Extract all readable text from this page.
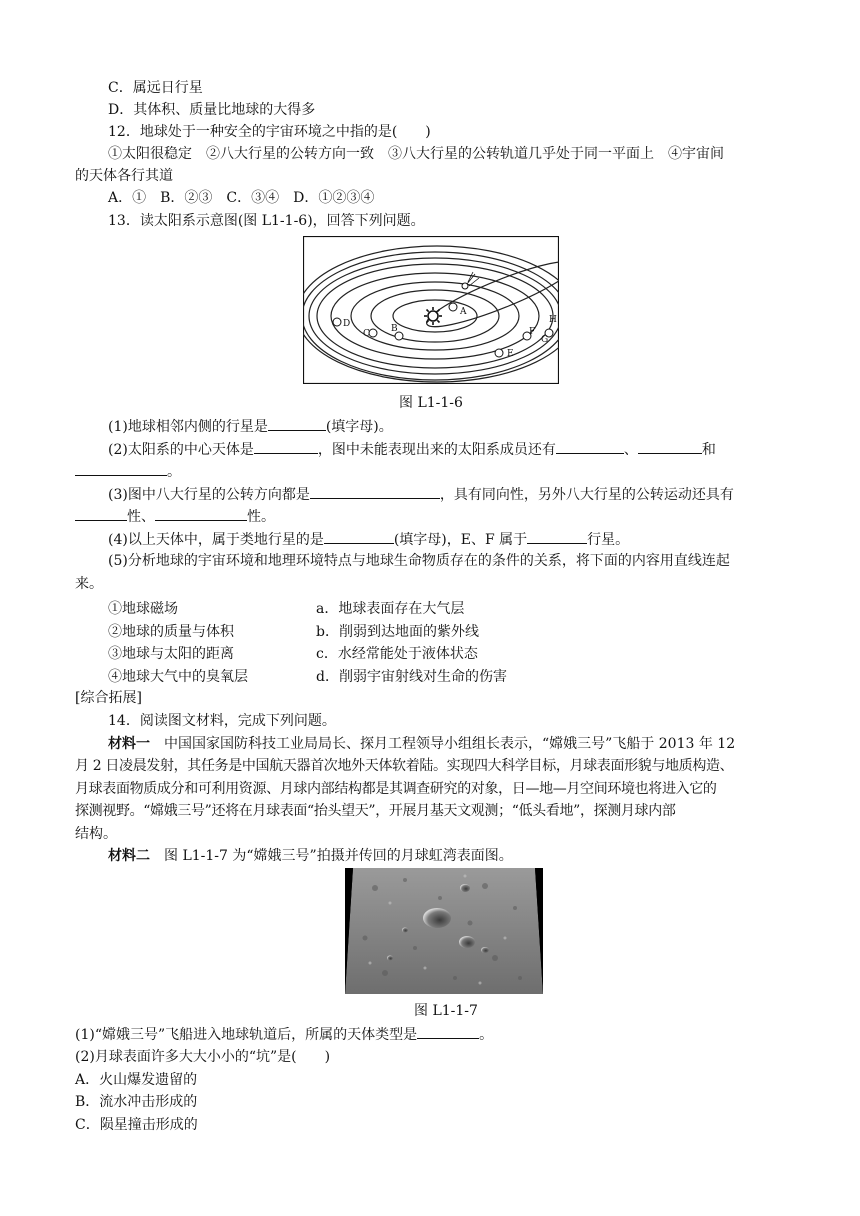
C．属远日行星
D．其体积、质量比地球的大得多
12．地球处于一种安全的宇宙环境之中指的是(　　)
①太阳很稳定　②八大行星的公转方向一致　③八大行星的公转轨道几乎处于同一平面上　④宇宙间
的天体各行其道
A．①　B．②③　C．③④　D．①②③④
13．读太阳系示意图(图 L1-1-6)，回答下列问题。
A
B
C
D
E
F
G
H
图 L1-1-6
(1)地球相邻内侧的行星是	(填字母)。
(2)太阳系的中心天体是	，图中未能表现出来的太阳系成员还有	、	和
。
(3)图中八大行星的公转方向都是	，具有同向性，另外八大行星的公转运动还具有
性、	性。
(4)以上天体中，属于类地行星的是	(填字母)，E、F 属于	行星。
(5)分析地球的宇宙环境和地理环境特点与地球生命物质存在的条件的关系，将下面的内容用直线连起
来。
①地球磁场
②地球的质量与体积
③地球与太阳的距离
④地球大气中的臭氧层
a．地球表面存在大气层
b．削弱到达地面的紫外线
c．水经常能处于液体状态
d．削弱宇宙射线对生命的伤害
[综合拓展]
14．阅读图文材料，完成下列问题。
材料一　 中国国家国防科技工业局局长、探月工程领导小组组长表示，“嫦娥三号”飞船于 2013 年 12
月 2 日凌晨发射，其任务是中国航天器首次地外天体软着陆。实现四大科学目标，月球表面形貌与地质构造、
月球表面物质成分和可利用资源、月球内部结构都是其调查研究的对象，日—地—月空间环境也将进入它的
探测视野。“嫦娥三号”还将在月球表面“抬头望天”，开展月基天文观测；“低头看地”，探测月球内部
结构。
材料二　 图 L1-1-7 为“嫦娥三号”拍摄并传回的月球虹湾表面图。
图 L1-1-7
(1)“嫦娥三号”飞船进入地球轨道后，所属的天体类型是	。
(2)月球表面许多大大小小的“坑”是(　　)
A．火山爆发遗留的
B．流水冲击形成的
C．陨星撞击形成的
